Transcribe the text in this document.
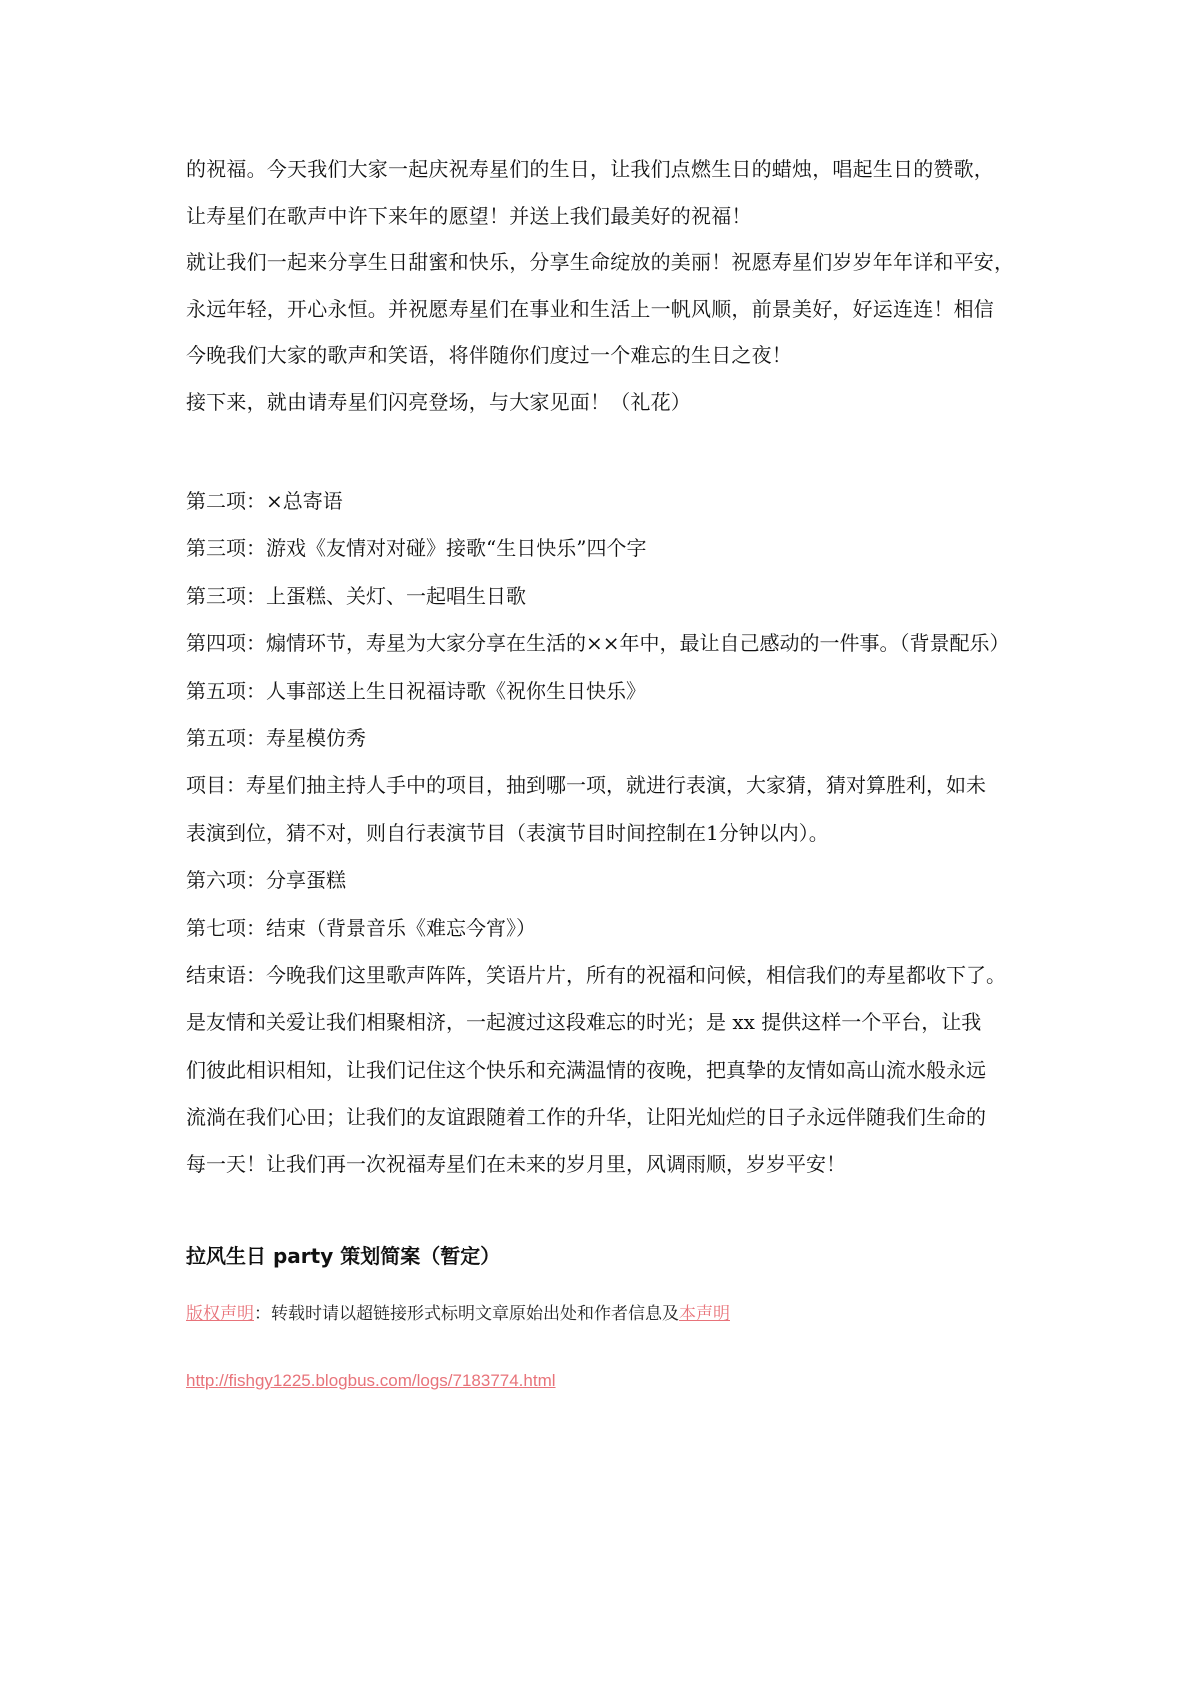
的祝福。今天我们大家一起庆祝寿星们的生日，让我们点燃生日的蜡烛，唱起生日的赞歌，
让寿星们在歌声中许下来年的愿望！并送上我们最美好的祝福！
就让我们一起来分享生日甜蜜和快乐，分享生命绽放的美丽！祝愿寿星们岁岁年年详和平安，
永远年轻，开心永恒。并祝愿寿星们在事业和生活上一帆风顺，前景美好，好运连连！相信
今晚我们大家的歌声和笑语，将伴随你们度过一个难忘的生日之夜！
接下来，就由请寿星们闪亮登场，与大家见面！（礼花）

第二项：×总寄语
第三项：游戏《友情对对碰》接歌“生日快乐”四个字
第三项：上蛋糕、关灯、一起唱生日歌
第四项：煽情环节，寿星为大家分享在生活的××年中，最让自己感动的一件事。（背景配乐）
第五项：人事部送上生日祝福诗歌《祝你生日快乐》
第五项：寿星模仿秀
项目：寿星们抽主持人手中的项目，抽到哪一项，就进行表演，大家猜，猜对算胜利，如未
表演到位，猜不对，则自行表演节目（表演节目时间控制在1分钟以内）。
第六项：分享蛋糕
第七项：结束（背景音乐《难忘今宵》）
结束语：今晚我们这里歌声阵阵，笑语片片，所有的祝福和问候，相信我们的寿星都收下了。
是友情和关爱让我们相聚相济，一起渡过这段难忘的时光；是 xx 提供这样一个平台，让我
们彼此相识相知，让我们记住这个快乐和充满温情的夜晚，把真挚的友情如高山流水般永远
流淌在我们心田；让我们的友谊跟随着工作的升华，让阳光灿烂的日子永远伴随我们生命的
每一天！让我们再一次祝福寿星们在未来的岁月里，风调雨顺，岁岁平安！
拉风生日 party 策划简案（暂定）
版权声明：转载时请以超链接形式标明文章原始出处和作者信息及本声明
http://fishgy1225.blogbus.com/logs/7183774.html
